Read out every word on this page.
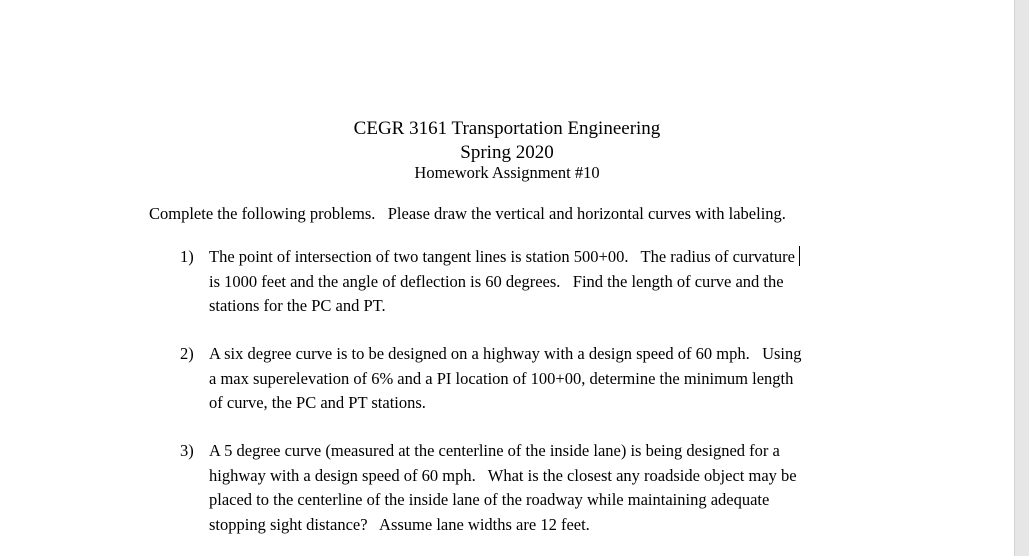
CEGR 3161 Transportation Engineering
Spring 2020
Homework Assignment #10
Complete the following problems.   Please draw the vertical and horizontal curves with labeling.
1) The point of intersection of two tangent lines is station 500+00.   The radius of curvature
is 1000 feet and the angle of deflection is 60 degrees.   Find the length of curve and the
stations for the PC and PT.
2) A six degree curve is to be designed on a highway with a design speed of 60 mph.   Using
a max superelevation of 6% and a PI location of 100+00, determine the minimum length
of curve, the PC and PT stations.
3) A 5 degree curve (measured at the centerline of the inside lane) is being designed for a
highway with a design speed of 60 mph.   What is the closest any roadside object may be
placed to the centerline of the inside lane of the roadway while maintaining adequate
stopping sight distance?   Assume lane widths are 12 feet.
